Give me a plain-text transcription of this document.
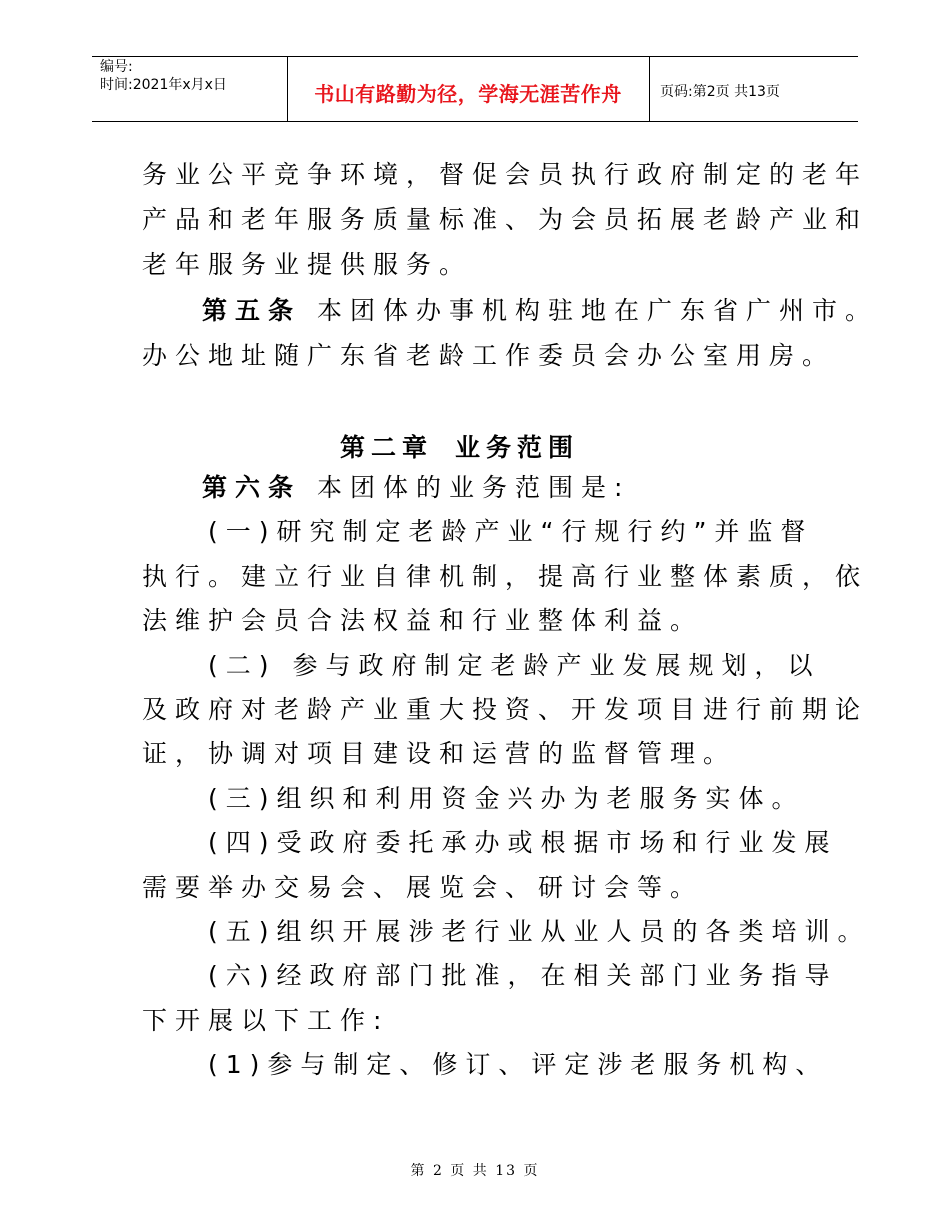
编号:
时间:2021年x月x日	书山有路勤为径，学海无涯苦作舟	页码:第2页 共13页
务业公平竞争环境，督促会员执行政府制定的老年
产品和老年服务质量标准、为会员拓展老龄产业和
老年服务业提供服务。
第五条 本团体办事机构驻地在广东省广州市。
办公地址随广东省老龄工作委员会办公室用房。
第二章 业务范围
第六条 本团体的业务范围是:
(一)研究制定老龄产业“行规行约”并监督
执行。建立行业自律机制，提高行业整体素质，依
法维护会员合法权益和行业整体利益。
(二) 参与政府制定老龄产业发展规划，以
及政府对老龄产业重大投资、开发项目进行前期论
证，协调对项目建设和运营的监督管理。
(三)组织和利用资金兴办为老服务实体。
(四)受政府委托承办或根据市场和行业发展
需要举办交易会、展览会、研讨会等。
(五)组织开展涉老行业从业人员的各类培训。
(六)经政府部门批准，在相关部门业务指导
下开展以下工作:
(1)参与制定、修订、评定涉老服务机构、
第 2 页 共 13 页
